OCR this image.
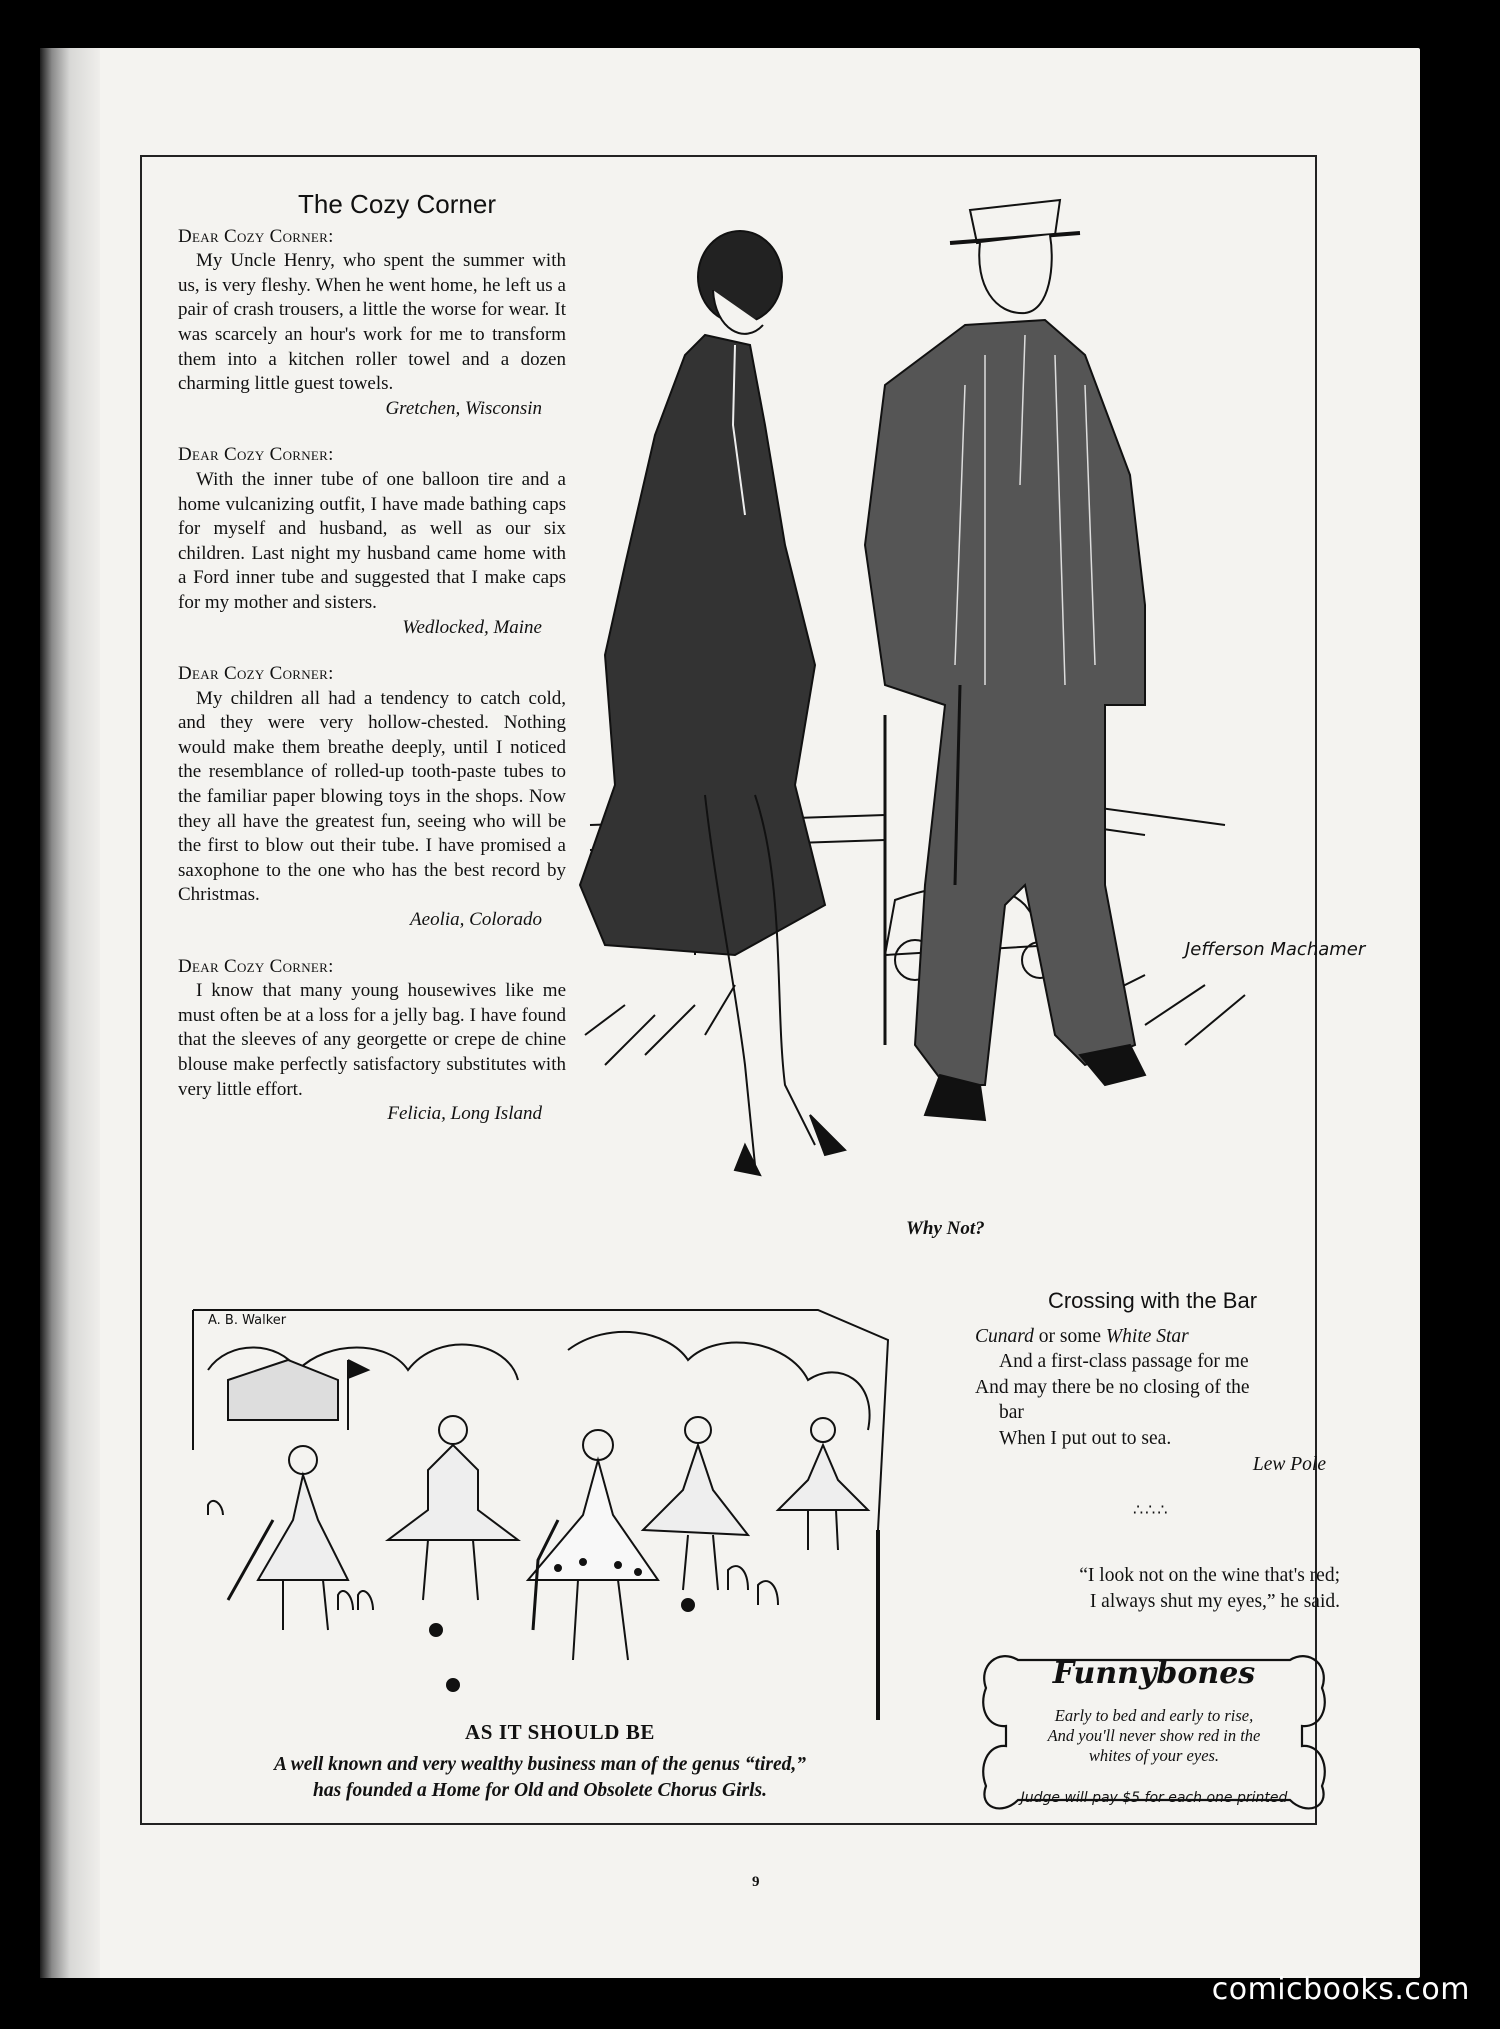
The Cozy Corner
Dear Cozy Corner:

My Uncle Henry, who spent the summer with us, is very fleshy. When he went home, he left us a pair of crash trousers, a little the worse for wear. It was scarcely an hour's work for me to transform them into a kitchen roller towel and a dozen charming little guest towels.

Gretchen, Wisconsin
Dear Cozy Corner:

With the inner tube of one balloon tire and a home vulcanizing outfit, I have made bathing caps for myself and husband, as well as our six children. Last night my husband came home with a Ford inner tube and suggested that I make caps for my mother and sisters.

Wedlocked, Maine
Dear Cozy Corner:

My children all had a tendency to catch cold, and they were very hollow-chested. Nothing would make them breathe deeply, until I noticed the resemblance of rolled-up tooth-paste tubes to the familiar paper blowing toys in the shops. Now they all have the greatest fun, seeing who will be the first to blow out their tube. I have promised a saxophone to the one who has the best record by Christmas.

Aeolia, Colorado
Dear Cozy Corner:

I know that many young housewives like me must often be at a loss for a jelly bag. I have found that the sleeves of any georgette or crepe de chine blouse make perfectly satisfactory substitutes with very little effort.

Felicia, Long Island
Jefferson Machamer
Why Not?
A. B. Walker
AS IT SHOULD BE
A well known and very wealthy business man of the genus “tired,”
has founded a Home for Old and Obsolete Chorus Girls.
Crossing with the Bar
Cunard or some White Star
And a first-class passage for me
And may there be no closing of the
bar
When I put out to sea.
Lew Pole
∴∴∴
“I look not on the wine that's red;
I always shut my eyes,” he said.
Funnybones
Early to bed and early to rise,
And you'll never show red in the
whites of your eyes.
Judge will pay $5 for each one printed
9
comicbooks.com
